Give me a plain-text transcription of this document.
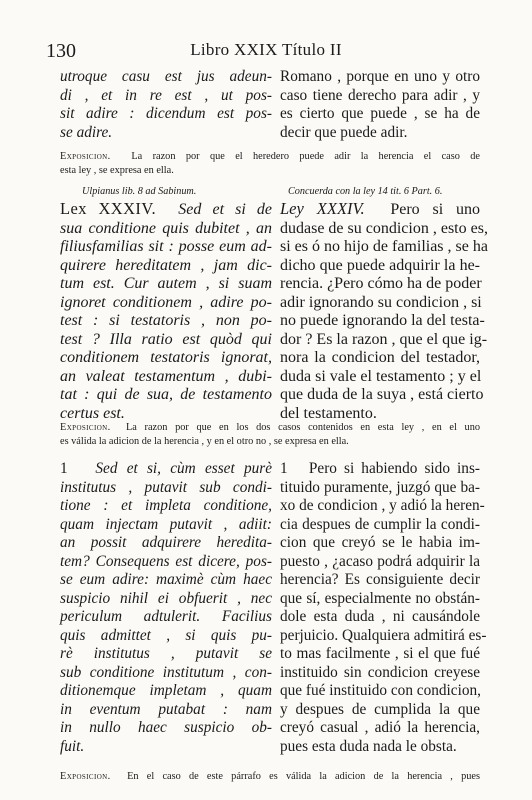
130	Libro XXIX Título II
utroque casu est jus adeun-
di , et in re est , ut pos-
sit adire : dicendum est pos-
se adire.
Romano , porque en uno y otro
caso tiene derecho para adir , y
es cierto que puede , se ha de
decir que puede adir.
Exposicion. La razon por que el heredero puede adir la herencia el caso de
esta ley , se expresa en ella.
Ulpianus lib. 8 ad Sabinum.	Concuerda con la ley 14 tit. 6 Part. 6.
Lex XXXIV. Sed et si de
sua conditione quis dubitet , an
filiusfamilias sit : posse eum ad-
quirere hereditatem , jam dic-
tum est. Cur autem , si suam
ignoret conditionem , adire po-
test : si testatoris , non po-
test ? Illa ratio est quòd qui
conditionem testatoris ignorat,
an valeat testamentum , dubi-
tat : qui de sua, de testamento
certus est.
Ley XXXIV. Pero si uno
dudase de su condicion , esto es,
si es ó no hijo de familias , se ha
dicho que puede adquirir la he-
rencia. ¿Pero cómo ha de poder
adir ignorando su condicion , si
no puede ignorando la del testa-
dor ? Es la razon , que el que ig-
nora la condicion del testador,
duda si vale el testamento ; y el
que duda de la suya , está cierto
del testamento.
Exposicion. La razon por que en los dos casos contenidos en esta ley , en el uno
es válida la adicion de la herencia , y en el otro no , se expresa en ella.
1 Sed et si, cùm esset purè
institutus , putavit sub condi-
tione : et impleta conditione,
quam injectam putavit , adiit:
an possit adquirere heredita-
tem? Consequens est dicere, pos-
se eum adire: maximè cùm haec
suspicio nihil ei obfuerit , nec
periculum adtulerit. Facilius
quis admittet , si quis pu-
rè institutus , putavit se
sub conditione institutum , con-
ditionemque impletam , quam
in eventum putabat : nam
in nullo haec suspicio ob-
fuit.
1 Pero si habiendo sido ins-
tituido puramente, juzgó que ba-
xo de condicion , y adió la heren-
cia despues de cumplir la condi-
cion que creyó se le habia im-
puesto , ¿acaso podrá adquirir la
herencia? Es consiguiente decir
que sí, especialmente no obstán-
dole esta duda , ni causándole
perjuicio. Qualquiera admitirá es-
to mas facilmente , si el que fué
instituido sin condicion creyese
que fué instituido con condicion,
y despues de cumplida la que
creyó casual , adió la herencia,
pues esta duda nada le obsta.
Exposicion. En el caso de este párrafo es válida la adicion de la herencia , pues
